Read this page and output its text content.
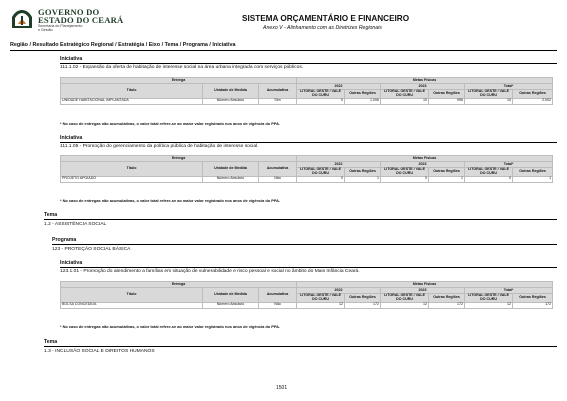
GOVERNO DO
ESTADO DO CEARÁ
Secretaria do Planejamento
e Gestão
SISTEMA ORÇAMENTÁRIO E FINANCEIRO
Anexo V - Alinhamento com as Diretrizes Regionais
Região / Resultado Estratégico Regional / Estratégia / Eixo / Tema / Programa / Iniciativa
Iniciativa
111.1.02 - Expansão da oferta de habitação de interesse social na área urbana integrada com serviços públicos.
Entrega			Metas Físicas					
Título	Unidade de Medida	Acumulativa	2022		2023		Total*	
			LITORAL OESTE / VALE DO CURU	Outras Regiões	LITORAL OESTE / VALE DO CURU	Outras Regiões	LITORAL OESTE / VALE DO CURU	Outras Regiões
UNIDADE HABITACIONAL IMPLANTADA	Número Absoluto	Sim	0	1.006	10	996	10	2.002
* No caso de entregas não acumulativas, o valor total refere-se ao maior valor registrado nos anos de vigência do PPA.
Iniciativa
111.1.05 - Promoção do gerenciamento da política pública de habitação de interesse social.
Entrega			Metas Físicas					
Título	Unidade de Medida	Acumulativa	2022		2023		Total*	
			LITORAL OESTE / VALE DO CURU	Outras Regiões	LITORAL OESTE / VALE DO CURU	Outras Regiões	LITORAL OESTE / VALE DO CURU	Outras Regiões
PROJETO APOIADO	Número Absoluto	Não	0	1	0	1	0	1
* No caso de entregas não acumulativas, o valor total refere-se ao maior valor registrado nos anos de vigência do PPA.
Tema
1.2 - ASSISTÊNCIA SOCIAL
Programa
123 - PROTEÇÃO SOCIAL BÁSICA
Iniciativa
123.1.01 - Promoção do atendimento a famílias em situação de vulnerabilidade e risco pessoal e social no âmbito do Mais Infância Ceará.
Entrega			Metas Físicas					
Título	Unidade de Medida	Acumulativa	2022		2023		Total*	
			LITORAL OESTE / VALE DO CURU	Outras Regiões	LITORAL OESTE / VALE DO CURU	Outras Regiões	LITORAL OESTE / VALE DO CURU	Outras Regiões
BOLSA CONCEDIDA	Número Absoluto	Não	12	172	12	172	12	172
* No caso de entregas não acumulativas, o valor total refere-se ao maior valor registrado nos anos de vigência do PPA.
Tema
1.3 - INCLUSÃO SOCIAL E DIREITOS HUMANOS
1501
